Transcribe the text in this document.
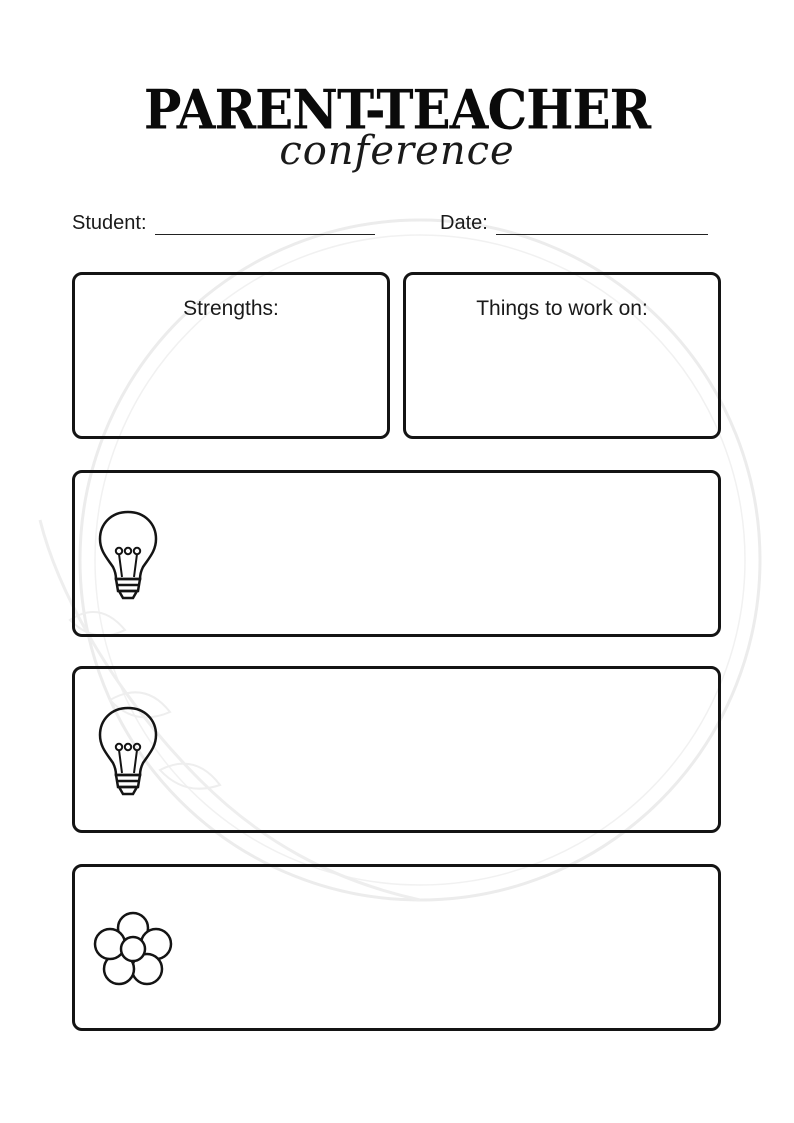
PARENT-TEACHER
conference
Student:	Date:
Strengths:	Things to work on:
